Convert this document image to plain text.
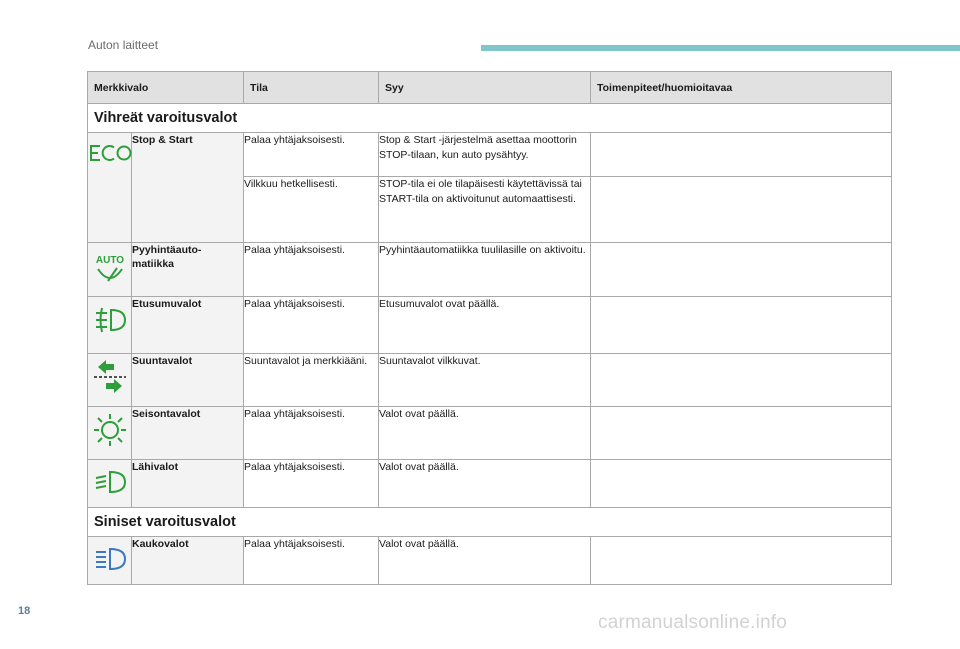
Auton laitteet
Merkkivalo		Tila	Syy	Toimenpiteet/huomioitavaa
Vihreät varoitusvalot				
	Stop & Start	Palaa yhtäjaksoisesti.	Stop & Start -järjestelmä asettaa moottorin STOP-tilaan, kun auto pysähtyy.	
		Vilkkuu hetkellisesti.	STOP-tila ei ole tilapäisesti käytettävissä tai START-tila on aktivoitunut automaattisesti.	

AUTO	Pyyhintäauto-matiikka	Palaa yhtäjaksoisesti.	Pyyhintäautomatiikka tuulilasille on aktivoitu.	
	Etusumuvalot	Palaa yhtäjaksoisesti.	Etusumuvalot ovat päällä.	
	Suuntavalot	Suuntavalot ja merkkiääni.	Suuntavalot vilkkuvat.	
	Seisontavalot	Palaa yhtäjaksoisesti.	Valot ovat päällä.	
	Lähivalot	Palaa yhtäjaksoisesti.	Valot ovat päällä.	
Siniset varoitusvalot				
	Kaukovalot	Palaa yhtäjaksoisesti.	Valot ovat päällä.	
18
carmanualsonline.info
